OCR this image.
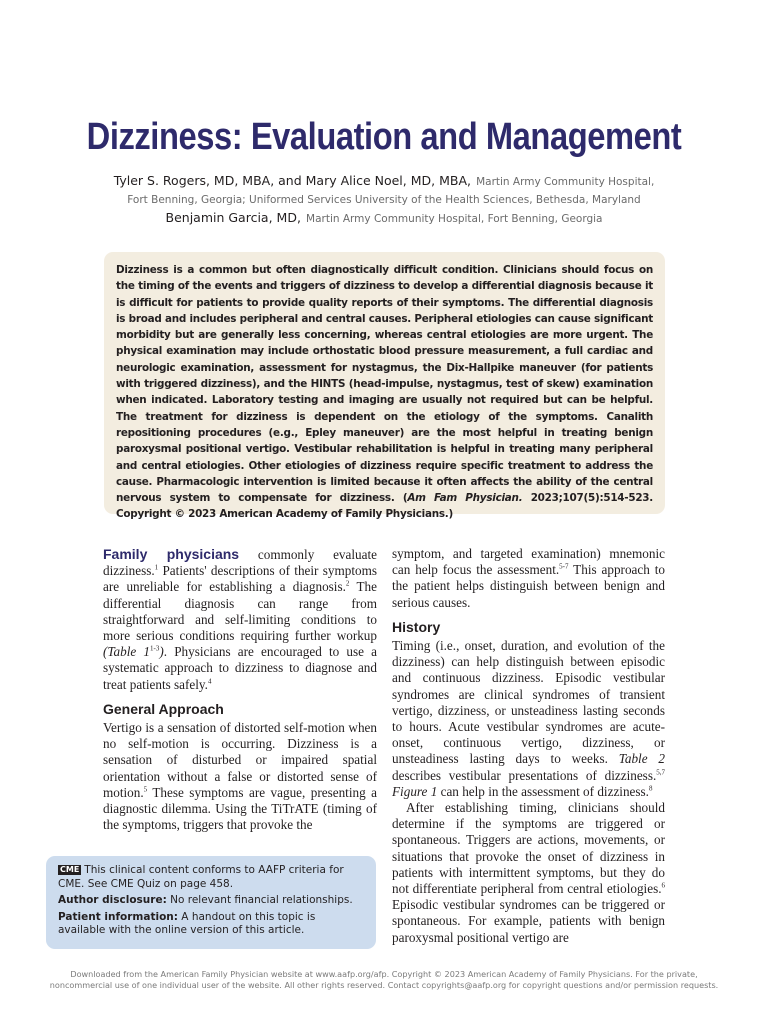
Dizziness: Evaluation and Management
Tyler S. Rogers, MD, MBA, and Mary Alice Noel, MD, MBA, Martin Army Community Hospital,
Fort Benning, Georgia; Uniformed Services University of the Health Sciences, Bethesda, Maryland
Benjamin Garcia, MD, Martin Army Community Hospital, Fort Benning, Georgia

Dizziness is a common but often diagnostically difficult condition. Clinicians should focus on the timing of the events and triggers of dizziness to develop a differential diagnosis because it is difficult for patients to provide quality reports of their symptoms. The differential diagnosis is broad and includes peripheral and central causes. Peripheral etiologies can cause significant morbidity but are generally less concerning, whereas central etiologies are more urgent. The physical examination may include orthostatic blood pressure measurement, a full cardiac and neurologic examination, assessment for nystagmus, the Dix-Hallpike maneuver (for patients with triggered dizziness), and the HINTS (head-impulse, nystagmus, test of skew) examination when indicated. Laboratory testing and imaging are usually not required but can be helpful. The treatment for dizziness is dependent on the etiology of the symptoms. Canalith repositioning procedures (e.g., Epley maneuver) are the most helpful in treating benign paroxysmal positional vertigo. Vestibular rehabilitation is helpful in treating many peripheral and central etiologies. Other etiologies of dizziness require specific treatment to address the cause. Pharmacologic intervention is limited because it often affects the ability of the central nervous system to compensate for dizziness. (Am Fam Physician. 2023;107(5):514-523. Copyright © 2023 American Academy of Family Physicians.)

Family physicians commonly evaluate dizziness.$^1$ Patients' descriptions of their symptoms are unreliable for establishing a diagnosis.$^2$ The differential diagnosis can range from straightforward and self-limiting conditions to more serious conditions requiring further workup (Table 1$^{1-3}$). Physicians are encouraged to use a systematic approach to dizziness to diagnose and treat patients safely.$^4$

General Approach

Vertigo is a sensation of distorted self-motion when no self-motion is occurring. Dizziness is a sensation of disturbed or impaired spatial orientation without a false or distorted sense of motion.$^5$ These symptoms are vague, presenting a diagnostic dilemma. Using the TiTrATE (timing of the symptoms, triggers that provoke the

symptom, and targeted examination) mnemonic can help focus the assessment.$^{5-7}$ This approach to the patient helps distinguish between benign and serious causes.

History

Timing (i.e., onset, duration, and evolution of the dizziness) can help distinguish between episodic and continuous dizziness. Episodic vestibular syndromes are clinical syndromes of transient vertigo, dizziness, or unsteadiness lasting seconds to hours. Acute vestibular syndromes are acute-onset, continuous vertigo, dizziness, or unsteadiness lasting days to weeks. Table 2 describes vestibular presentations of dizziness.$^{5,7}$ Figure 1 can help in the assessment of dizziness.$^8$

After establishing timing, clinicians should determine if the symptoms are triggered or spontaneous. Triggers are actions, movements, or situations that provoke the onset of dizziness in patients with intermittent symptoms, but they do not differentiate peripheral from central etiologies.$^6$ Episodic vestibular syndromes can be triggered or spontaneous. For example, patients with benign paroxysmal positional vertigo are

CME This clinical content conforms to AAFP criteria for CME. See CME Quiz on page 458.
Author disclosure: No relevant financial relationships.
Patient information: A handout on this topic is available with the online version of this article.
Downloaded from the American Family Physician website at www.aafp.org/afp. Copyright © 2023 American Academy of Family Physicians. For the private, noncommercial use of one individual user of the website. All other rights reserved. Contact copyrights@aafp.org for copyright questions and/or permission requests.
